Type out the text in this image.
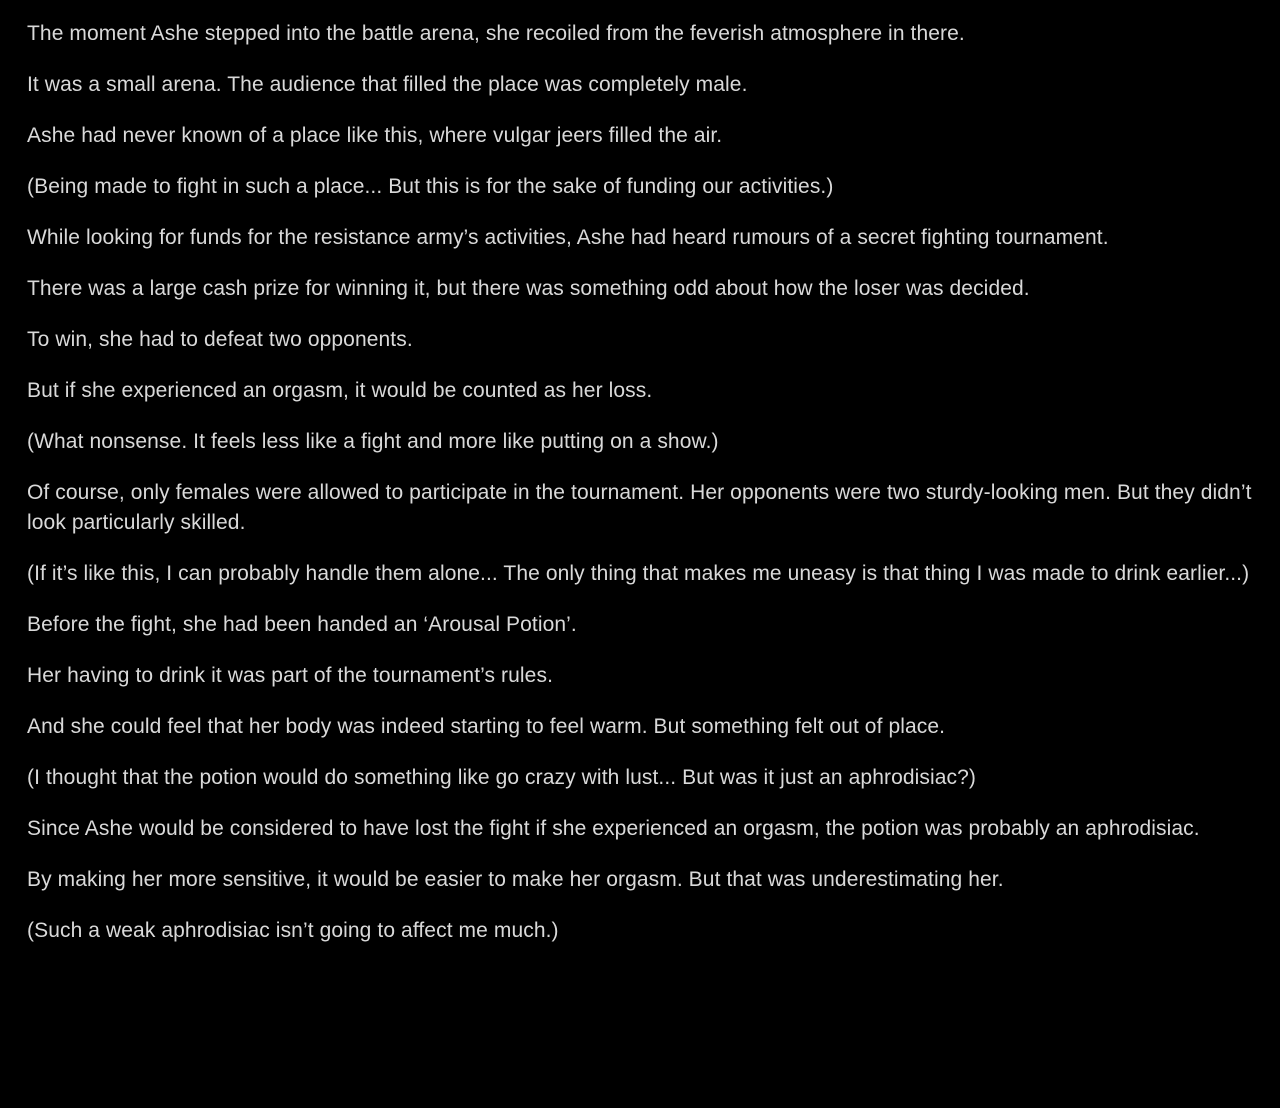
The moment Ashe stepped into the battle arena, she recoiled from the feverish atmosphere in there.

It was a small arena. The audience that filled the place was completely male.

Ashe had never known of a place like this, where vulgar jeers filled the air.

(Being made to fight in such a place... But this is for the sake of funding our activities.)

While looking for funds for the resistance army’s activities, Ashe had heard rumours of a secret fighting tournament.

There was a large cash prize for winning it, but there was something odd about how the loser was decided.

To win, she had to defeat two opponents.

But if she experienced an orgasm, it would be counted as her loss.

(What nonsense. It feels less like a fight and more like putting on a show.)

Of course, only females were allowed to participate in the tournament. Her opponents were two sturdy-looking men. But they didn’t look particularly skilled.

(If it’s like this, I can probably handle them alone... The only thing that makes me uneasy is that thing I was made to drink earlier...)

Before the fight, she had been handed an ‘Arousal Potion’.

Her having to drink it was part of the tournament’s rules.

And she could feel that her body was indeed starting to feel warm. But something felt out of place.

(I thought that the potion would do something like go crazy with lust... But was it just an aphrodisiac?)

Since Ashe would be considered to have lost the fight if she experienced an orgasm, the potion was probably an aphrodisiac.

By making her more sensitive, it would be easier to make her orgasm. But that was underestimating her.

(Such a weak aphrodisiac isn’t going to affect me much.)
